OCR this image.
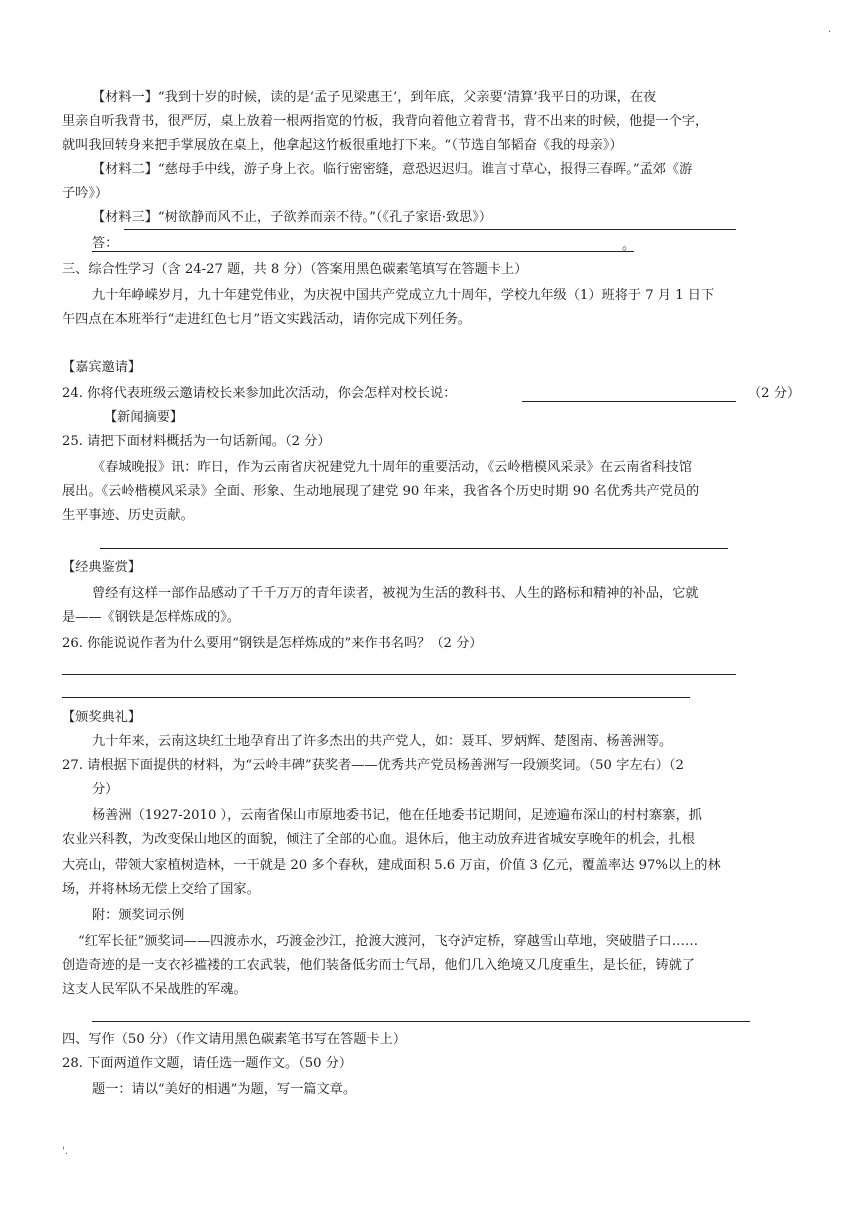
.
【材料一】“我到十岁的时候，读的是‘孟子见梁惠王’，到年底，父亲要‘清算’我平日的功课，在夜
里亲自听我背书，很严厉，桌上放着一根两指宽的竹板，我背向着他立着背书，背不出来的时候，他提一个字，
就叫我回转身来把手掌展放在桌上，他拿起这竹板很重地打下来。“（节选自邹韬奋《我的母亲》）
【材料二】“慈母手中线，游子身上衣。临行密密缝，意恐迟迟归。谁言寸草心，报得三春晖。”孟郊《游
子吟》）
【材料三】“树欲静而风不止，子欲养而亲不待。”（《孔子家语·致思》）
答：	。
三、综合性学习（含 24-27 题，共 8 分）（答案用黑色碳素笔填写在答题卡上）
九十年峥嵘岁月，九十年建党伟业，为庆祝中国共产党成立九十周年，学校九年级（1）班将于 7 月 1 日下
午四点在本班举行“走进红色七月”语文实践活动，请你完成下列任务。
【嘉宾邀请】
24. 你将代表班级云邀请校长来参加此次活动，你会怎样对校长说：	（2 分）
【新闻摘要】
25. 请把下面材料概括为一句话新闻。（2 分）
《春城晚报》讯：昨日，作为云南省庆祝建党九十周年的重要活动，《云岭楷模风采录》在云南省科技馆
展出。《云岭楷模风采录》全面、形象、生动地展现了建党 90 年来，我省各个历史时期 90 名优秀共产党员的
生平事迹、历史贡献。
【经典鉴赏】
曾经有这样一部作品感动了千千万万的青年读者，被视为生活的教科书、人生的路标和精神的补品，它就
是——《钢铁是怎样炼成的》。
26. 你能说说作者为什么要用“钢铁是怎样炼成的”来作书名吗？（2 分）
【颁奖典礼】
九十年来，云南这块红土地孕育出了许多杰出的共产党人，如：聂耳、罗炳辉、楚图南、杨善洲等。
27. 请根据下面提供的材料，为“云岭丰碑”获奖者——优秀共产党员杨善洲写一段颁奖词。（50 字左右）（2
分）
杨善洲（1927-2010 ），云南省保山市原地委书记，他在任地委书记期间，足迹遍布深山的村村寨寨，抓
农业兴科教，为改变保山地区的面貌，倾注了全部的心血。退休后，他主动放弃进省城安享晚年的机会，扎根
大亮山，带领大家植树造林，一干就是 20 多个春秋，建成面积 5.6 万亩，价值 3 亿元，覆盖率达 97%以上的林
场，并将林场无偿上交给了国家。
附：颁奖词示例
“红军长征”颁奖词——四渡赤水，巧渡金沙江，抢渡大渡河，飞夺泸定桥，穿越雪山草地，突破腊子口……
创造奇迹的是一支衣衫褴褛的工农武装，他们装备低劣而士气昂，他们几入绝境又几度重生，是长征，铸就了
这支人民军队不呆战胜的军魂。
四、写作（50 分）（作文请用黑色碳素笔书写在答题卡上）
28. 下面两道作文题，请任选一题作文。（50 分）
题一：请以“美好的相遇”为题，写一篇文章。
'.
